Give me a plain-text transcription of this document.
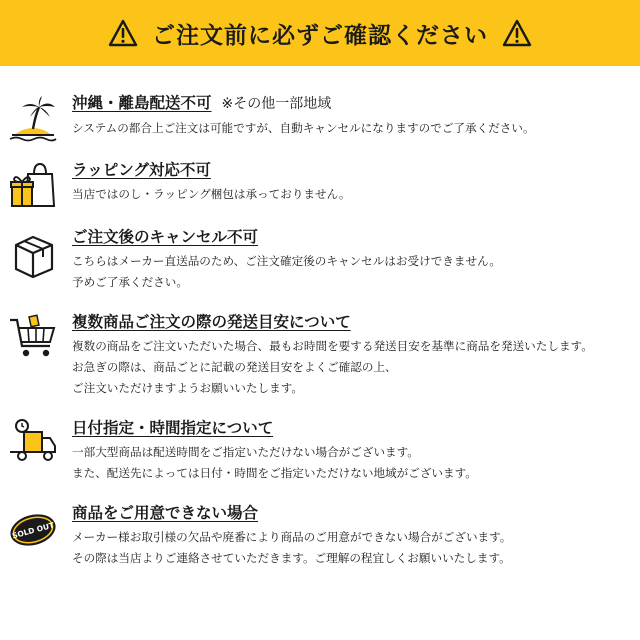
ご注文前に必ずご確認ください
沖縄・離島配送不可 ※その他一部地域
システムの都合上ご注文は可能ですが、自動キャンセルになりますのでご了承ください。
ラッピング対応不可
当店ではのし・ラッピング梱包は承っておりません。
ご注文後のキャンセル不可
こちらはメーカー直送品のため、ご注文確定後のキャンセルはお受けできません。
予めご了承ください。
複数商品ご注文の際の発送目安について
複数の商品をご注文いただいた場合、最もお時間を要する発送目安を基準に商品を発送いたします。
お急ぎの際は、商品ごとに記載の発送目安をよくご確認の上、
ご注文いただけますようお願いいたします。
日付指定・時間指定について
一部大型商品は配送時間をご指定いただけない場合がございます。
また、配送先によっては日付・時間をご指定いただけない地域がございます。
SOLD OUT
商品をご用意できない場合
メーカー様お取引様の欠品や廃番により商品のご用意ができない場合がございます。
その際は当店よりご連絡させていただきます。ご理解の程宜しくお願いいたします。
